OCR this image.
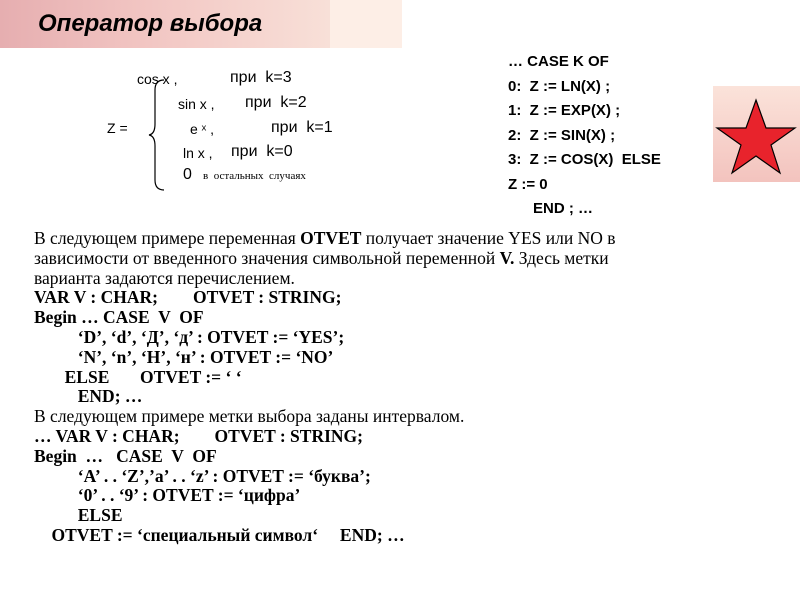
Оператор выбора
Z =
cos x ,	при  k=3
sin x , при  k=2
e ˣ ,	при  k=1
ln x , при  k=0
0 в  остальных  случаях
… CASE K OF
0:  Z := LN(X) ;
1:  Z := EXP(X) ;
2:  Z := SIN(X) ;
3:  Z := COS(X)  ELSE
Z := 0
END ; …
В следующем примере переменная OTVET получает значение YES или NO в
зависимости от введенного значения символьной переменной V. Здесь метки
варианта задаются перечислением.
VAR V : CHAR;        OTVET : STRING;
Begin … CASE  V  OF
‘D’, ‘d’, ‘Д’, ‘д’ : OTVET := ‘YES’;
‘N’, ‘n’, ‘Н’, ‘н’ : OTVET := ‘NO’
ELSE       OTVET := ‘ ‘
END; …
В следующем примере метки выбора заданы интервалом.
… VAR V : CHAR;        OTVET : STRING;
Begin  …   CASE  V  OF
‘A’ . . ‘Z’,’a’ . . ‘z’ : OTVET := ‘буква’;
‘0’ . . ‘9’ : OTVET := ‘цифра’
ELSE
OTVET := ‘специальный символ‘     END; …
